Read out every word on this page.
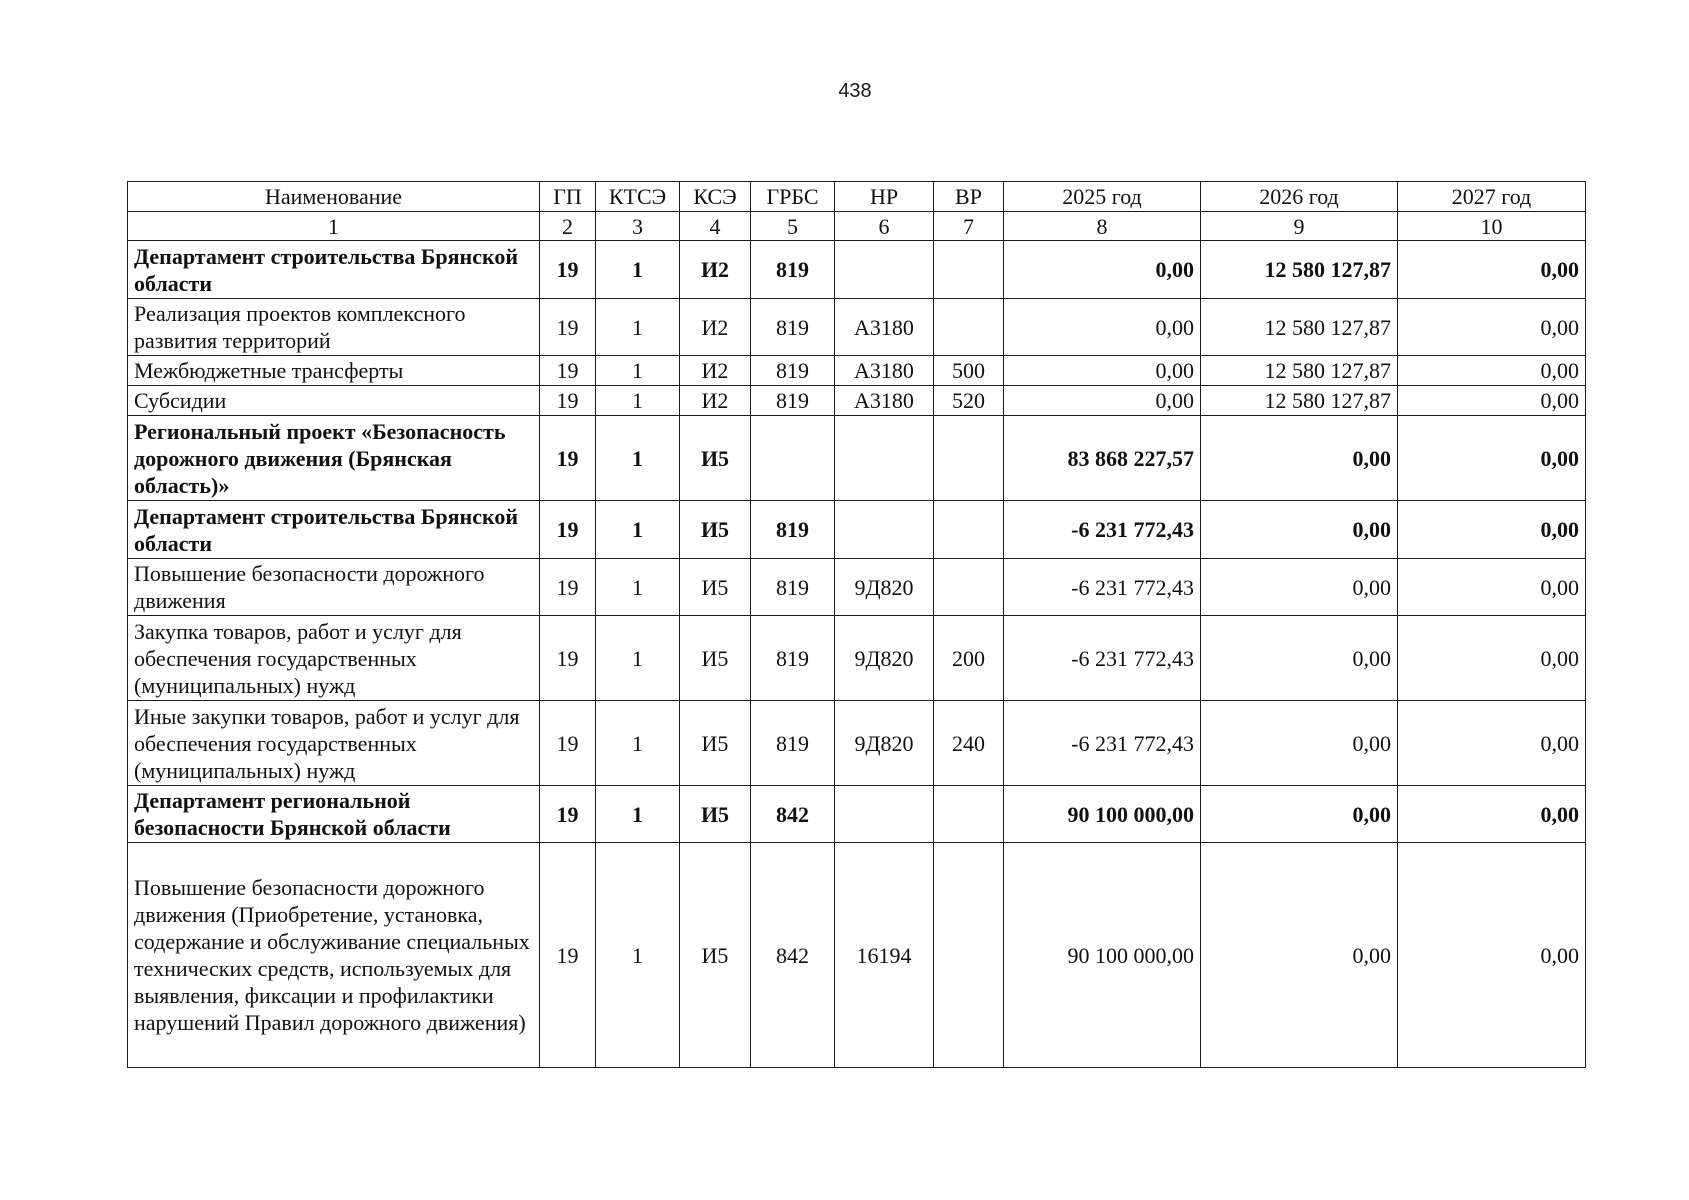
438
Наименование	ГП	КТСЭ	КСЭ	ГРБС	НР	ВР	2025 год	2026 год	2027 год
1	2	3	4	5	6	7	8	9	10
Департамент строительства Брянской области	19	1	И2	819			0,00	12 580 127,87	0,00
Реализация проектов комплексного развития территорий	19	1	И2	819	А3180		0,00	12 580 127,87	0,00
Межбюджетные трансферты	19	1	И2	819	А3180	500	0,00	12 580 127,87	0,00
Субсидии	19	1	И2	819	А3180	520	0,00	12 580 127,87	0,00
Региональный проект «Безопасность дорожного движения (Брянская область)»	19	1	И5				83 868 227,57	0,00	0,00
Департамент строительства Брянской области	19	1	И5	819			-6 231 772,43	0,00	0,00
Повышение безопасности дорожного движения	19	1	И5	819	9Д820		-6 231 772,43	0,00	0,00
Закупка товаров, работ и услуг для обеспечения государственных (муниципальных) нужд	19	1	И5	819	9Д820	200	-6 231 772,43	0,00	0,00
Иные закупки товаров, работ и услуг для обеспечения государственных (муниципальных) нужд	19	1	И5	819	9Д820	240	-6 231 772,43	0,00	0,00
Департамент региональной безопасности Брянской области	19	1	И5	842			90 100 000,00	0,00	0,00
Повышение безопасности дорожного движения (Приобретение, установка, содержание и обслуживание специальных технических средств, используемых для выявления, фиксации и профилактики нарушений Правил дорожного движения)	19	1	И5	842	16194		90 100 000,00	0,00	0,00
